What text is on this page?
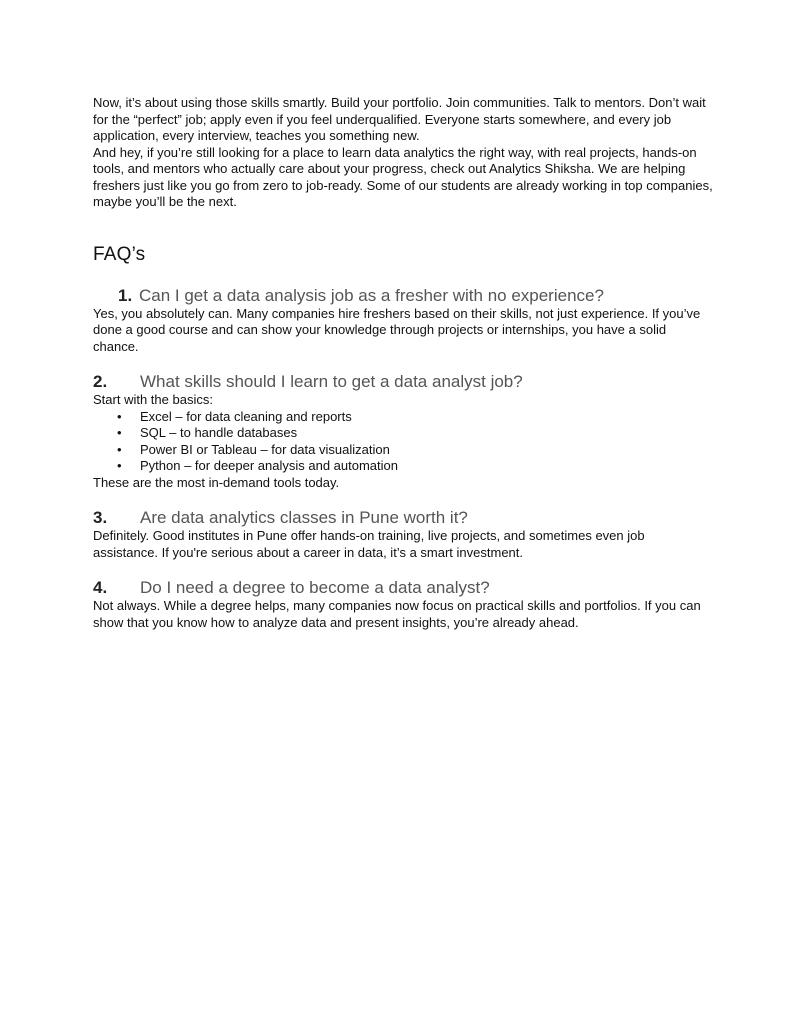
Now, it’s about using those skills smartly. Build your portfolio. Join communities. Talk to mentors. Don’t wait for the “perfect” job; apply even if you feel underqualified. Everyone starts somewhere, and every job application, every interview, teaches you something new.

And hey, if you’re still looking for a place to learn data analytics the right way, with real projects, hands-on tools, and mentors who actually care about your progress, check out Analytics Shiksha. We are helping freshers just like you go from zero to job-ready. Some of our students are already working in top companies, maybe you’ll be the next.

FAQ’s
1. Can I get a data analysis job as a fresher with no experience?

Yes, you absolutely can. Many companies hire freshers based on their skills, not just experience. If you’ve done a good course and can show your knowledge through projects or internships, you have a solid chance.

2.	What skills should I learn to get a data analyst job?

Start with the basics:

• Excel – for data cleaning and reports
• SQL – to handle databases
• Power BI or Tableau – for data visualization
• Python – for deeper analysis and automation

These are the most in-demand tools today.

3.	Are data analytics classes in Pune worth it?

Definitely. Good institutes in Pune offer hands-on training, live projects, and sometimes even job assistance. If you're serious about a career in data, it’s a smart investment.

4.	Do I need a degree to become a data analyst?

Not always. While a degree helps, many companies now focus on practical skills and portfolios. If you can show that you know how to analyze data and present insights, you’re already ahead.
